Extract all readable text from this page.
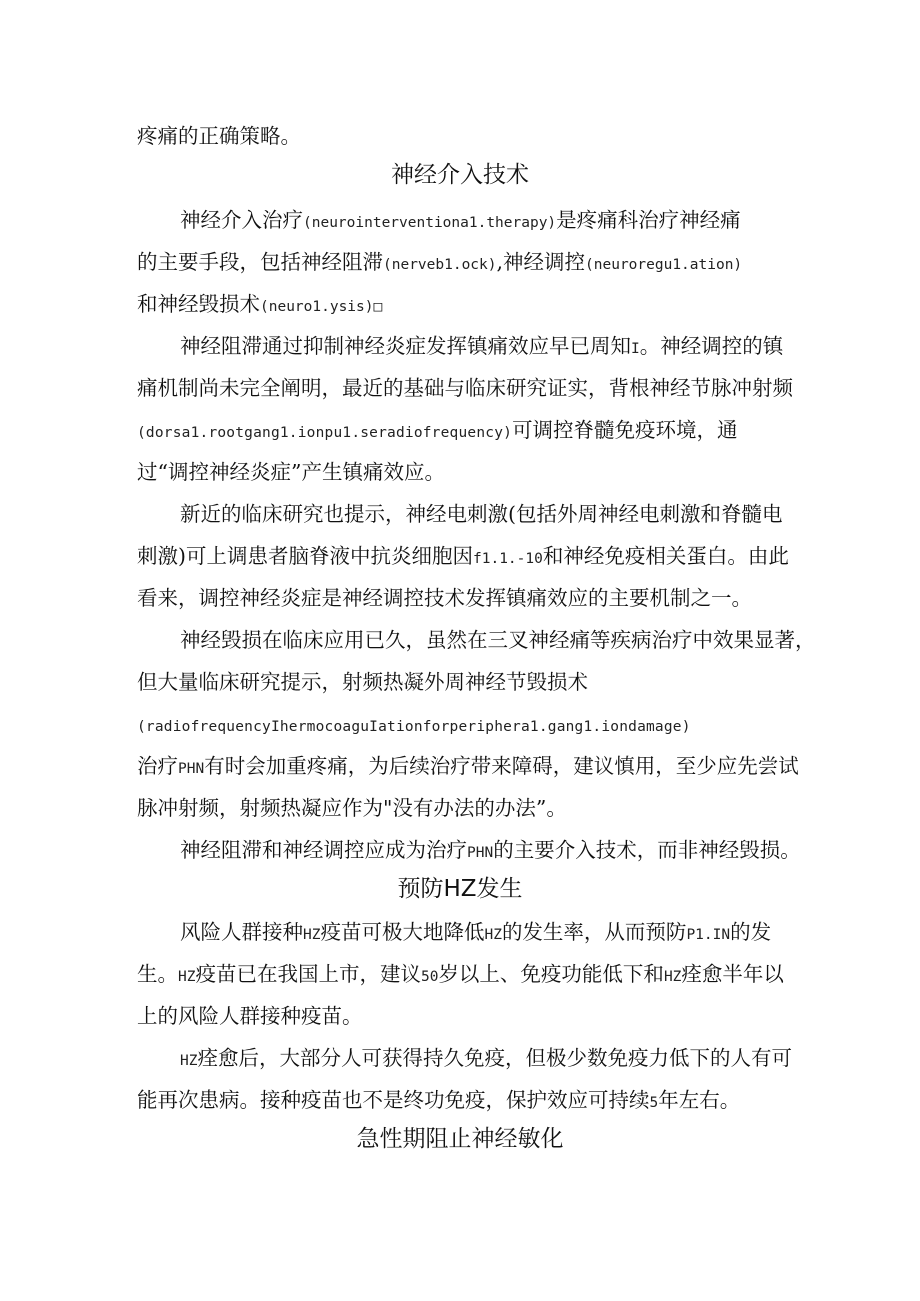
疼痛的正确策略。
神经介入技术
神经介入治疗(neurointerventiona1.therapy)是疼痛科治疗神经痛
的主要手段，包括神经阻滞(nerveb1.ock),神经调控(neuroregu1.ation)
和神经毁损术(neuro1.ysis)□
神经阻滞通过抑制神经炎症发挥镇痛效应早已周知I。神经调控的镇
痛机制尚未完全阐明，最近的基础与临床研究证实，背根神经节脉冲射频
(dorsa1.rootgang1.ionpu1.seradiofrequency)可调控脊髓免疫环境，通
过“调控神经炎症”产生镇痛效应。
新近的临床研究也提示，神经电刺激(包括外周神经电刺激和脊髓电
刺激)可上调患者脑脊液中抗炎细胞因f1.1.-10和神经免疫相关蛋白。由此
看来，调控神经炎症是神经调控技术发挥镇痛效应的主要机制之一。
神经毁损在临床应用已久，虽然在三叉神经痛等疾病治疗中效果显著，
但大量临床研究提示，射频热凝外周神经节毁损术
(radiofrequencyIhermocoaguIationforperiphera1.gang1.iondamage)
治疗PHN有时会加重疼痛，为后续治疗带来障碍，建议慎用，至少应先尝试
脉冲射频，射频热凝应作为"没有办法的办法”。
神经阻滞和神经调控应成为治疗PHN的主要介入技术，而非神经毁损。
预防HZ发生
风险人群接种HZ疫苗可极大地降低HZ的发生率，从而预防P1.IN的发
生。HZ疫苗已在我国上市，建议50岁以上、免疫功能低下和HZ痊愈半年以
上的风险人群接种疫苗。
HZ痊愈后，大部分人可获得持久免疫，但极少数免疫力低下的人有可
能再次患病。接种疫苗也不是终功免疫，保护效应可持续5年左右。
急性期阻止神经敏化
